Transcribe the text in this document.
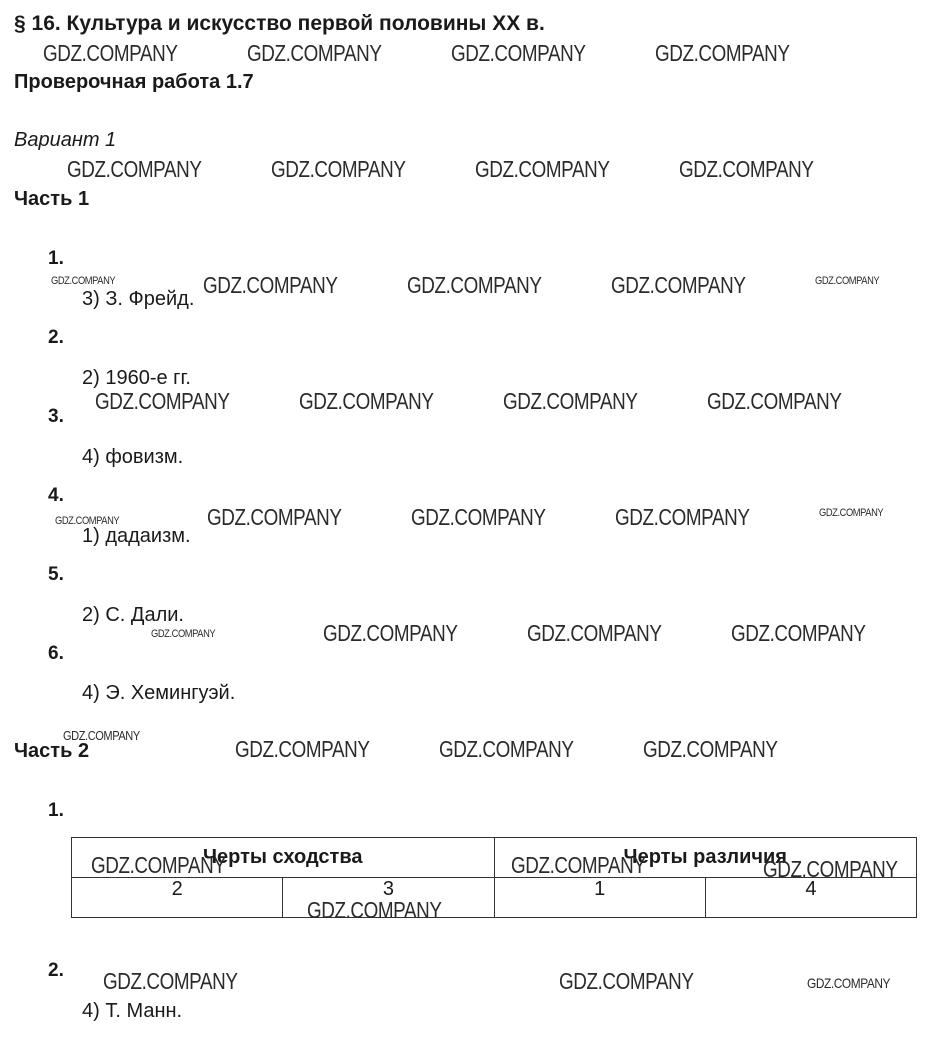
§ 16. Культура и искусство первой половины XX в.
Проверочная работа 1.7
Вариант 1
Часть 1
1.
3) З. Фрейд.
2.
2) 1960-е гг.
3.
4) фовизм.
4.
1) дадаизм.
5.
2) С. Дали.
6.
4) Э. Хемингуэй.
Часть 2
1.
Черты сходства		Черты различия	
2	3	1	4
2.
4) Т. Манн.
GDZ.COMPANY	GDZ.COMPANY	GDZ.COMPANY	GDZ.COMPANY
GDZ.COMPANY	GDZ.COMPANY	GDZ.COMPANY	GDZ.COMPANY
GDZ.COMPANY	GDZ.COMPANY	GDZ.COMPANY	GDZ.COMPANY	GDZ.COMPANY
GDZ.COMPANY	GDZ.COMPANY	GDZ.COMPANY	GDZ.COMPANY
GDZ.COMPANY	GDZ.COMPANY	GDZ.COMPANY	GDZ.COMPANY	GDZ.COMPANY
GDZ.COMPANY	GDZ.COMPANY	GDZ.COMPANY	GDZ.COMPANY
GDZ.COMPANY
GDZ.COMPANY	GDZ.COMPANY	GDZ.COMPANY
GDZ.COMPANY	GDZ.COMPANY	GDZ.COMPANY
GDZ.COMPANY
GDZ.COMPANY	GDZ.COMPANY	GDZ.COMPANY
